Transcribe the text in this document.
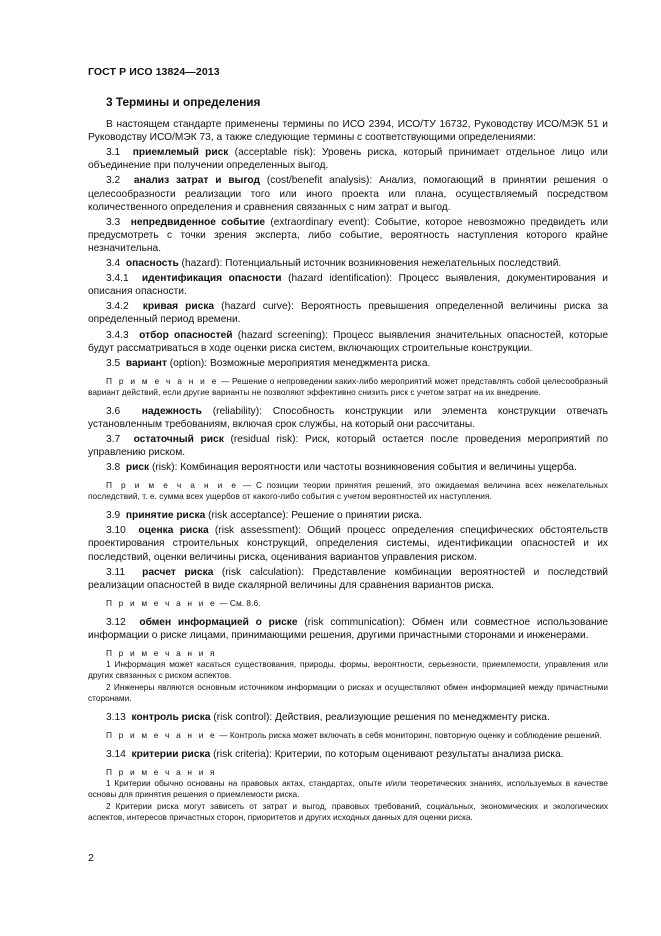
ГОСТ Р ИСО 13824—2013
3 Термины и определения

В настоящем стандарте применены термины по ИСО 2394, ИСО/ТУ 16732, Руководству ИСО/МЭК 51 и Руководству ИСО/МЭК 73, а также следующие термины с соответствующими определениями:

3.1 приемлемый риск (acceptable risk): Уровень риска, который принимает отдельное лицо или объединение при получении определенных выгод.

3.2 анализ затрат и выгод (cost/benefit analysis): Анализ, помогающий в принятии решения о целесообразности реализации того или иного проекта или плана, осуществляемый посредством количественного определения и сравнения связанных с ним затрат и выгод.

3.3 непредвиденное событие (extraordinary event): Событие, которое невозможно предвидеть или предусмотреть с точки зрения эксперта, либо событие, вероятность наступления которого крайне незначительна.

3.4 опасность (hazard): Потенциальный источник возникновения нежелательных последствий.

3.4.1 идентификация опасности (hazard identification): Процесс выявления, документирования и описания опасности.

3.4.2 кривая риска (hazard curve): Вероятность превышения определенной величины риска за определенный период времени.

3.4.3 отбор опасностей (hazard screening): Процесс выявления значительных опасностей, которые будут рассматриваться в ходе оценки риска систем, включающих строительные конструкции.

3.5 вариант (option): Возможные мероприятия менеджмента риска.

П р и м е ч а н и е — Решение о непроведении каких-либо мероприятий может представлять собой целесообразный вариант действий, если другие варианты не позволяют эффективно снизить риск с учетом затрат на их внедрение.

3.6 надежность (reliability): Способность конструкции или элемента конструкции отвечать установленным требованиям, включая срок службы, на который они рассчитаны.

3.7 остаточный риск (residual risk): Риск, который остается после проведения мероприятий по управлению риском.

3.8 риск (risk): Комбинация вероятности или частоты возникновения события и величины ущерба.

П р и м е ч а н и е — С позиции теории принятия решений, это ожидаемая величина всех нежелательных последствий, т. е. сумма всех ущербов от какого-либо события с учетом вероятностей их наступления.

3.9 принятие риска (risk acceptance): Решение о принятии риска.

3.10 оценка риска (risk assessment): Общий процесс определения специфических обстоятельств проектирования строительных конструкций, определения системы, идентификации опасностей и их последствий, оценки величины риска, оценивания вариантов управления риском.

3.11 расчет риска (risk calculation): Представление комбинации вероятностей и последствий реализации опасностей в виде скалярной величины для сравнения вариантов риска.

П р и м е ч а н и е — См. 8.6.

3.12 обмен информацией о риске (risk communication): Обмен или совместное использование информации о риске лицами, принимающими решения, другими причастными сторонами и инженерами.

П р и м е ч а н и я
1 Информация может касаться существования, природы, формы, вероятности, серьезности, приемлемости, управления или других связанных с риском аспектов.
2 Инженеры являются основным источником информации о рисках и осуществляют обмен информацией между причастными сторонами.

3.13 контроль риска (risk control): Действия, реализующие решения по менеджменту риска.

П р и м е ч а н и е — Контроль риска может включать в себя мониторинг, повторную оценку и соблюдение решений.

3.14 критерии риска (risk criteria): Критерии, по которым оценивают результаты анализа риска.

П р и м е ч а н и я
1 Критерии обычно основаны на правовых актах, стандартах, опыте и/или теоретических знаниях, используемых в качестве основы для принятия решения о приемлемости риска.
2 Критерии риска могут зависеть от затрат и выгод, правовых требований, социальных, экономических и экологических аспектов, интересов причастных сторон, приоритетов и других исходных данных для оценки риска.
2
